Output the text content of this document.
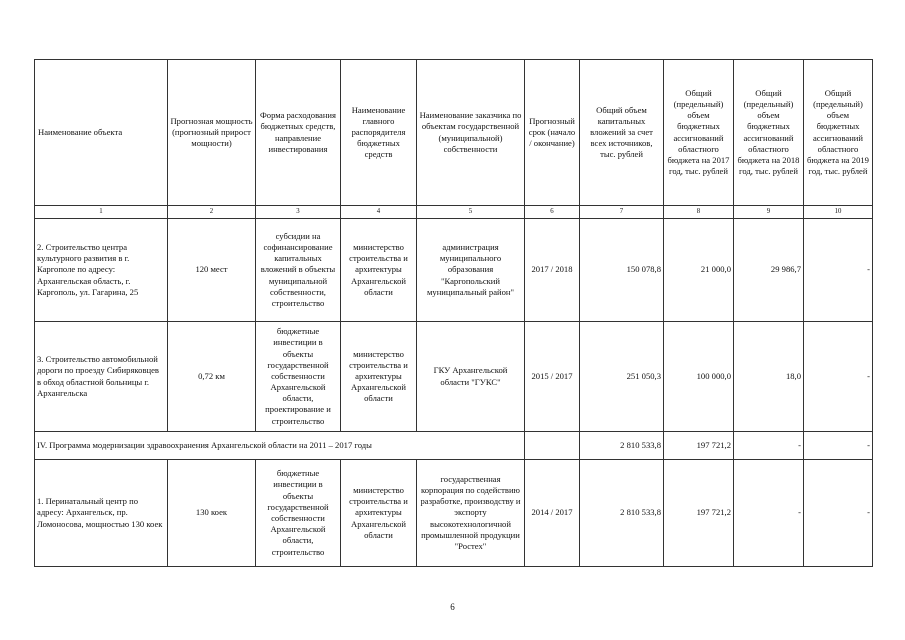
Наименование объекта	Прогнозная мощность (прогнозный прирост мощности)	Форма расходования бюджетных средств, направление инвестирования	Наименование главного распорядителя бюджетных средств	Наименование заказчика по объектам государственной (муниципальной) собственности	Прогнозный срок (начало / окончание)	Общий объем капитальных вложений за счет всех источников, тыс. рублей	Общий (предельный) объем бюджетных ассигнований областного бюджета на 2017 год, тыс. рублей	Общий (предельный) объем бюджетных ассигнований областного бюджета на 2018 год, тыс. рублей	Общий (предельный) объем бюджетных ассигнований областного бюджета на 2019 год, тыс. рублей
1	2	3	4	5	6	7	8	9	10
2. Строительство центра культурного развития в г. Каргополе по адресу: Архангельская область, г. Каргополь, ул. Гагарина, 25	120 мест	субсидии на софинансирование капитальных вложений в объекты муниципальной собственности, строительство	министерство строительства и архитектуры Архангельской области	администрация муниципального образования "Каргопольский муниципальный район"	2017 / 2018	150 078,8	21 000,0	29 986,7	-
3. Строительство автомобильной дороги по проезду Сибиряковцев в обход областной больницы г. Архангельска	0,72 км	бюджетные инвестиции в объекты государственной собственности Архангельской области, проектирование и строительство	министерство строительства и архитектуры Архангельской области	ГКУ Архангельской области "ГУКС"	2015 / 2017	251 050,3	100 000,0	18,0	-
IV. Программа модернизации здравоохранения Архангельской области на 2011 – 2017 годы						2 810 533,8	197 721,2	-	-
1. Перинатальный центр по адресу: Архангельск, пр. Ломоносова, мощностью 130 коек	130 коек	бюджетные инвестиции в объекты государственной собственности Архангельской области, строительство	министерство строительства и архитектуры Архангельской области	государственная корпорация по содействию разработке, производству и экспорту высокотехнологичной промышленной продукции "Ростех"	2014 / 2017	2 810 533,8	197 721,2	-	-
6
